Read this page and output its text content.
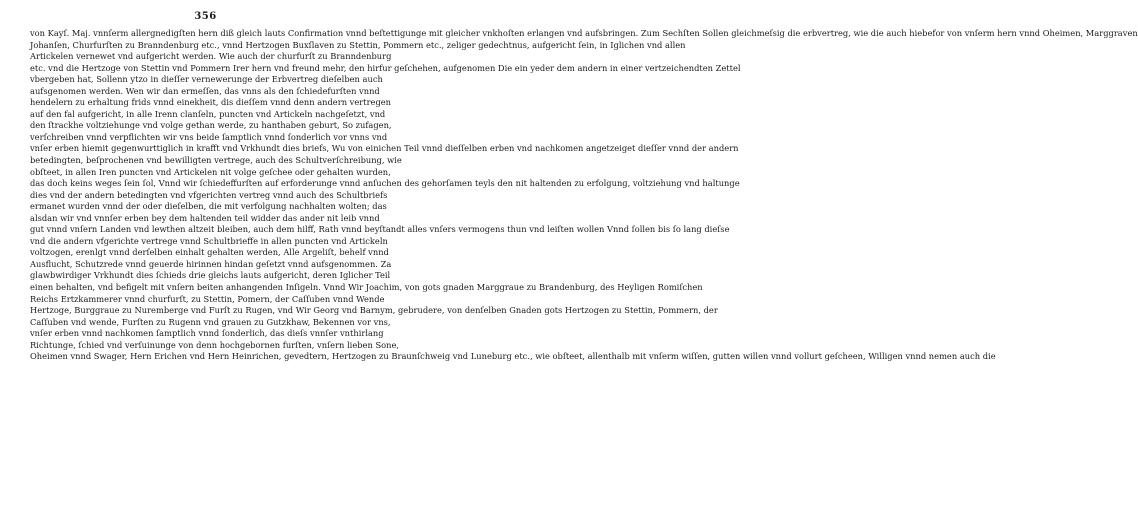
356
von Kayſ. Maj. vnnſerm allergnedigſten hern diß gleich lauts Confirmation vnnd beſtettigunge mit gleicher vnkhoſten erlangen vnd aufsbringen. Zum Sechſten Sollen gleichmeſsig die erbvertreg, wie die auch hiebefor von vnſerm hern vnnd Oheimen, Marggraven
Johanſen, Churfurſten zu Branndenburg etc., vnnd Hertzogen Buxſlaven zu Stettin, Pommern etc., zeliger gedechtnus, aufgericht ſein, in Iglichen vnd allen
Artickelen vernewet vnd aufgericht werden. Wie auch der churfurſt zu Branndenburg
etc. vnd die Hertzoge von Stettin vnd Pommern Irer hern vnd freund mehr, den hirfur geſchehen, aufgenomen Die ein yeder dem andern in einer vertzeichendten Zettel
vbergeben hat, Sollenn ytzo in dieſſer vernewerunge der Erbvertreg dieſelben auch
aufsgenomen werden. Wen wir dan ermeſſen, das vnns als den ſchiedefurſten vnnd
hendelern zu erhaltung frids vnnd einekheit, dis dieſſem vnnd denn andern vertregen
auf den fal aufgericht, in alle Irenn clanſeln, puncten vnd Artickeln nachgeſetzt, vnd
den ſtrackhe voltziehunge vnd volge gethan werde, zu hanthaben geburt, So zufagen,
verſchreiben vnnd verpflichten wir vns beide ſamptlich vnnd ſonderlich vor vnns vnd
vnſer erben hiemit gegenwurttiglich in krafft vnd Vrkhundt dies briefs, Wu von einichen Teil vnnd dieſſelben erben vnd nachkomen angetzeiget dieſſer vnnd der andern
betedingten, beſprochenen vnd bewilligten vertrege, auch des Schultverſchreibung, wie
obſteet, in allen Iren puncten vnd Artickelen nit volge geſchee oder gehalten wurden,
das doch keins weges ſein ſol, Vnnd wir ſchiedeffurſten auf erforderunge vnnd anſuchen des gehorſamen teyls den nit haltenden zu erfolgung, voltziehung vnd haltunge
dies vnd der andern betedingten vnd vfgerichten vertreg vnnd auch des Schultbriefs
ermanet wurden vnnd der oder dieſelben, die mit verfolgung nachhalten wolten; das
alsdan wir vnd vnnſer erben bey dem haltenden teil widder das ander nit leib vnnd
gut vnnd vnſern Landen vnd lewthen altzeit bleiben, auch dem hilff, Rath vnnd beyſtandt alles vnſers vermogens thun vnd leiſten wollen Vnnd ſollen bis ſo lang dieſse
vnd die andern vfgerichte vertrege vnnd Schultbrieffe in allen puncten vnd Artickeln
voltzogen, erenlgt vnnd derſelben einhalt gehalten werden, Alle Argeliſt, behelf vnnd
Ausflucht, Schutzrede vnnd geuerde hirinnen hindan geſetzt vnnd aufsgenommen. Za
glawbwirdiger Vrkhundt dies ſchieds drie gleichs lauts aufgericht, deren Iglicher Teil
einen behalten, vnd befigelt mit vnſern beiten anhangenden Inſigeln. Vnnd Wir Joachim, von gots gnaden Marggraue zu Brandenburg, des Heyligen Romiſchen
Reichs Ertzkammerer vnnd churfurſt, zu Stettin, Pomern, der Caſſuben vnnd Wende
Hertzoge, Burggraue zu Nuremberge vnd Furſt zu Rugen, vnd Wir Georg vnd Barnym, gebrudere, von denſelben Gnaden gots Hertzogen zu Stettin, Pommern, der
Caſſuben vnd wende, Furſten zu Rugenn vnd grauen zu Gutzkhaw, Bekennen vor vns,
vnſer erben vnnd nachkomen ſamptlich vnnd ſonderlich, das dieſs vnnſer vnthirlang
Richtunge, ſchied vnd verſuinunge von denn hochgebornen furſten, vnſern lieben Sone,
Oheimen vnnd Swager, Hern Erichen vnd Hern Heinrichen, gevedtern, Hertzogen zu Braunſchweig vnd Luneburg etc., wie obſteet, allenthalb mit vnſerm wiſſen, gutten willen vnnd vollurt geſcheen, Willigen vnnd nemen auch die
